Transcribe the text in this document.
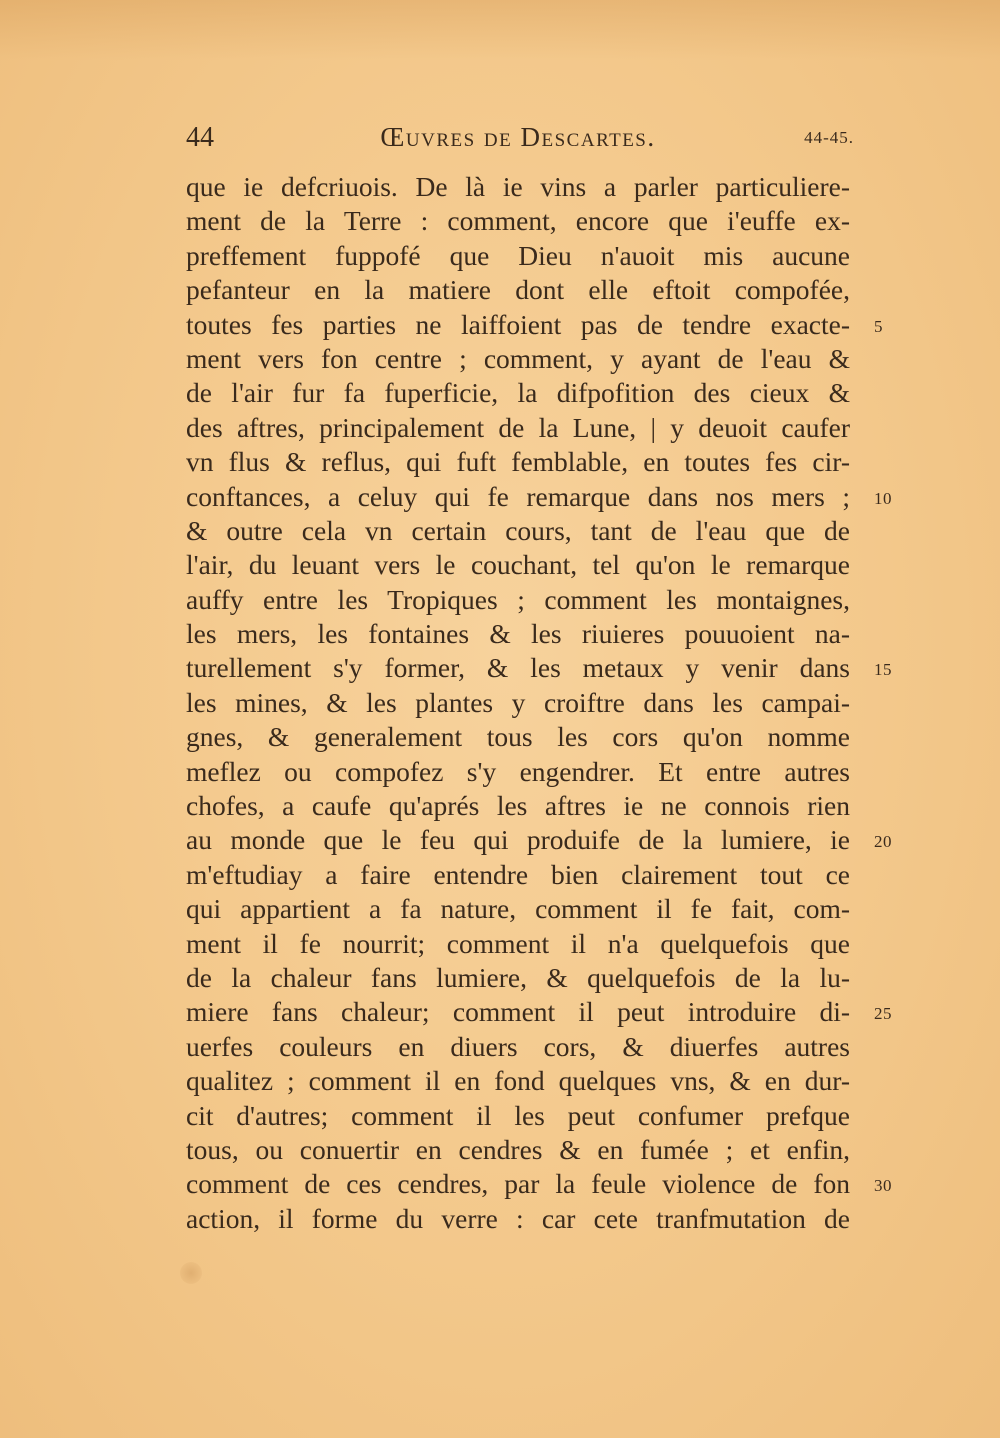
44	Œuvres de Descartes.	44-45.
que ie defcriuois. De là ie vins a parler particuliere-
ment de la Terre : comment, encore que i'euffe ex-
preffement fuppofé que Dieu n'auoit mis aucune
pefanteur en la matiere dont elle eftoit compofée,
toutes fes parties ne laiffoient pas de tendre exacte- 5
ment vers fon centre ; comment, y ayant de l'eau &
de l'air fur fa fuperficie, la difpofition des cieux &
des aftres, principalement de la Lune, | y deuoit caufer
vn flus & reflus, qui fuft femblable, en toutes fes cir-
conftances, a celuy qui fe remarque dans nos mers ; 10
& outre cela vn certain cours, tant de l'eau que de
l'air, du leuant vers le couchant, tel qu'on le remarque
auffy entre les Tropiques ; comment les montaignes,
les mers, les fontaines & les riuieres pouuoient na-
turellement s'y former, & les metaux y venir dans 15
les mines, & les plantes y croiftre dans les campai-
gnes, & generalement tous les cors qu'on nomme
meflez ou compofez s'y engendrer. Et entre autres
chofes, a caufe qu'aprés les aftres ie ne connois rien
au monde que le feu qui produife de la lumiere, ie 20
m'eftudiay a faire entendre bien clairement tout ce
qui appartient a fa nature, comment il fe fait, com-
ment il fe nourrit; comment il n'a quelquefois que
de la chaleur fans lumiere, & quelquefois de la lu-
miere fans chaleur; comment il peut introduire di- 25
uerfes couleurs en diuers cors, & diuerfes autres
qualitez ; comment il en fond quelques vns, & en dur-
cit d'autres; comment il les peut confumer prefque
tous, ou conuertir en cendres & en fumée ; et enfin,
comment de ces cendres, par la feule violence de fon 30
action, il forme du verre : car cete tranfmutation de
